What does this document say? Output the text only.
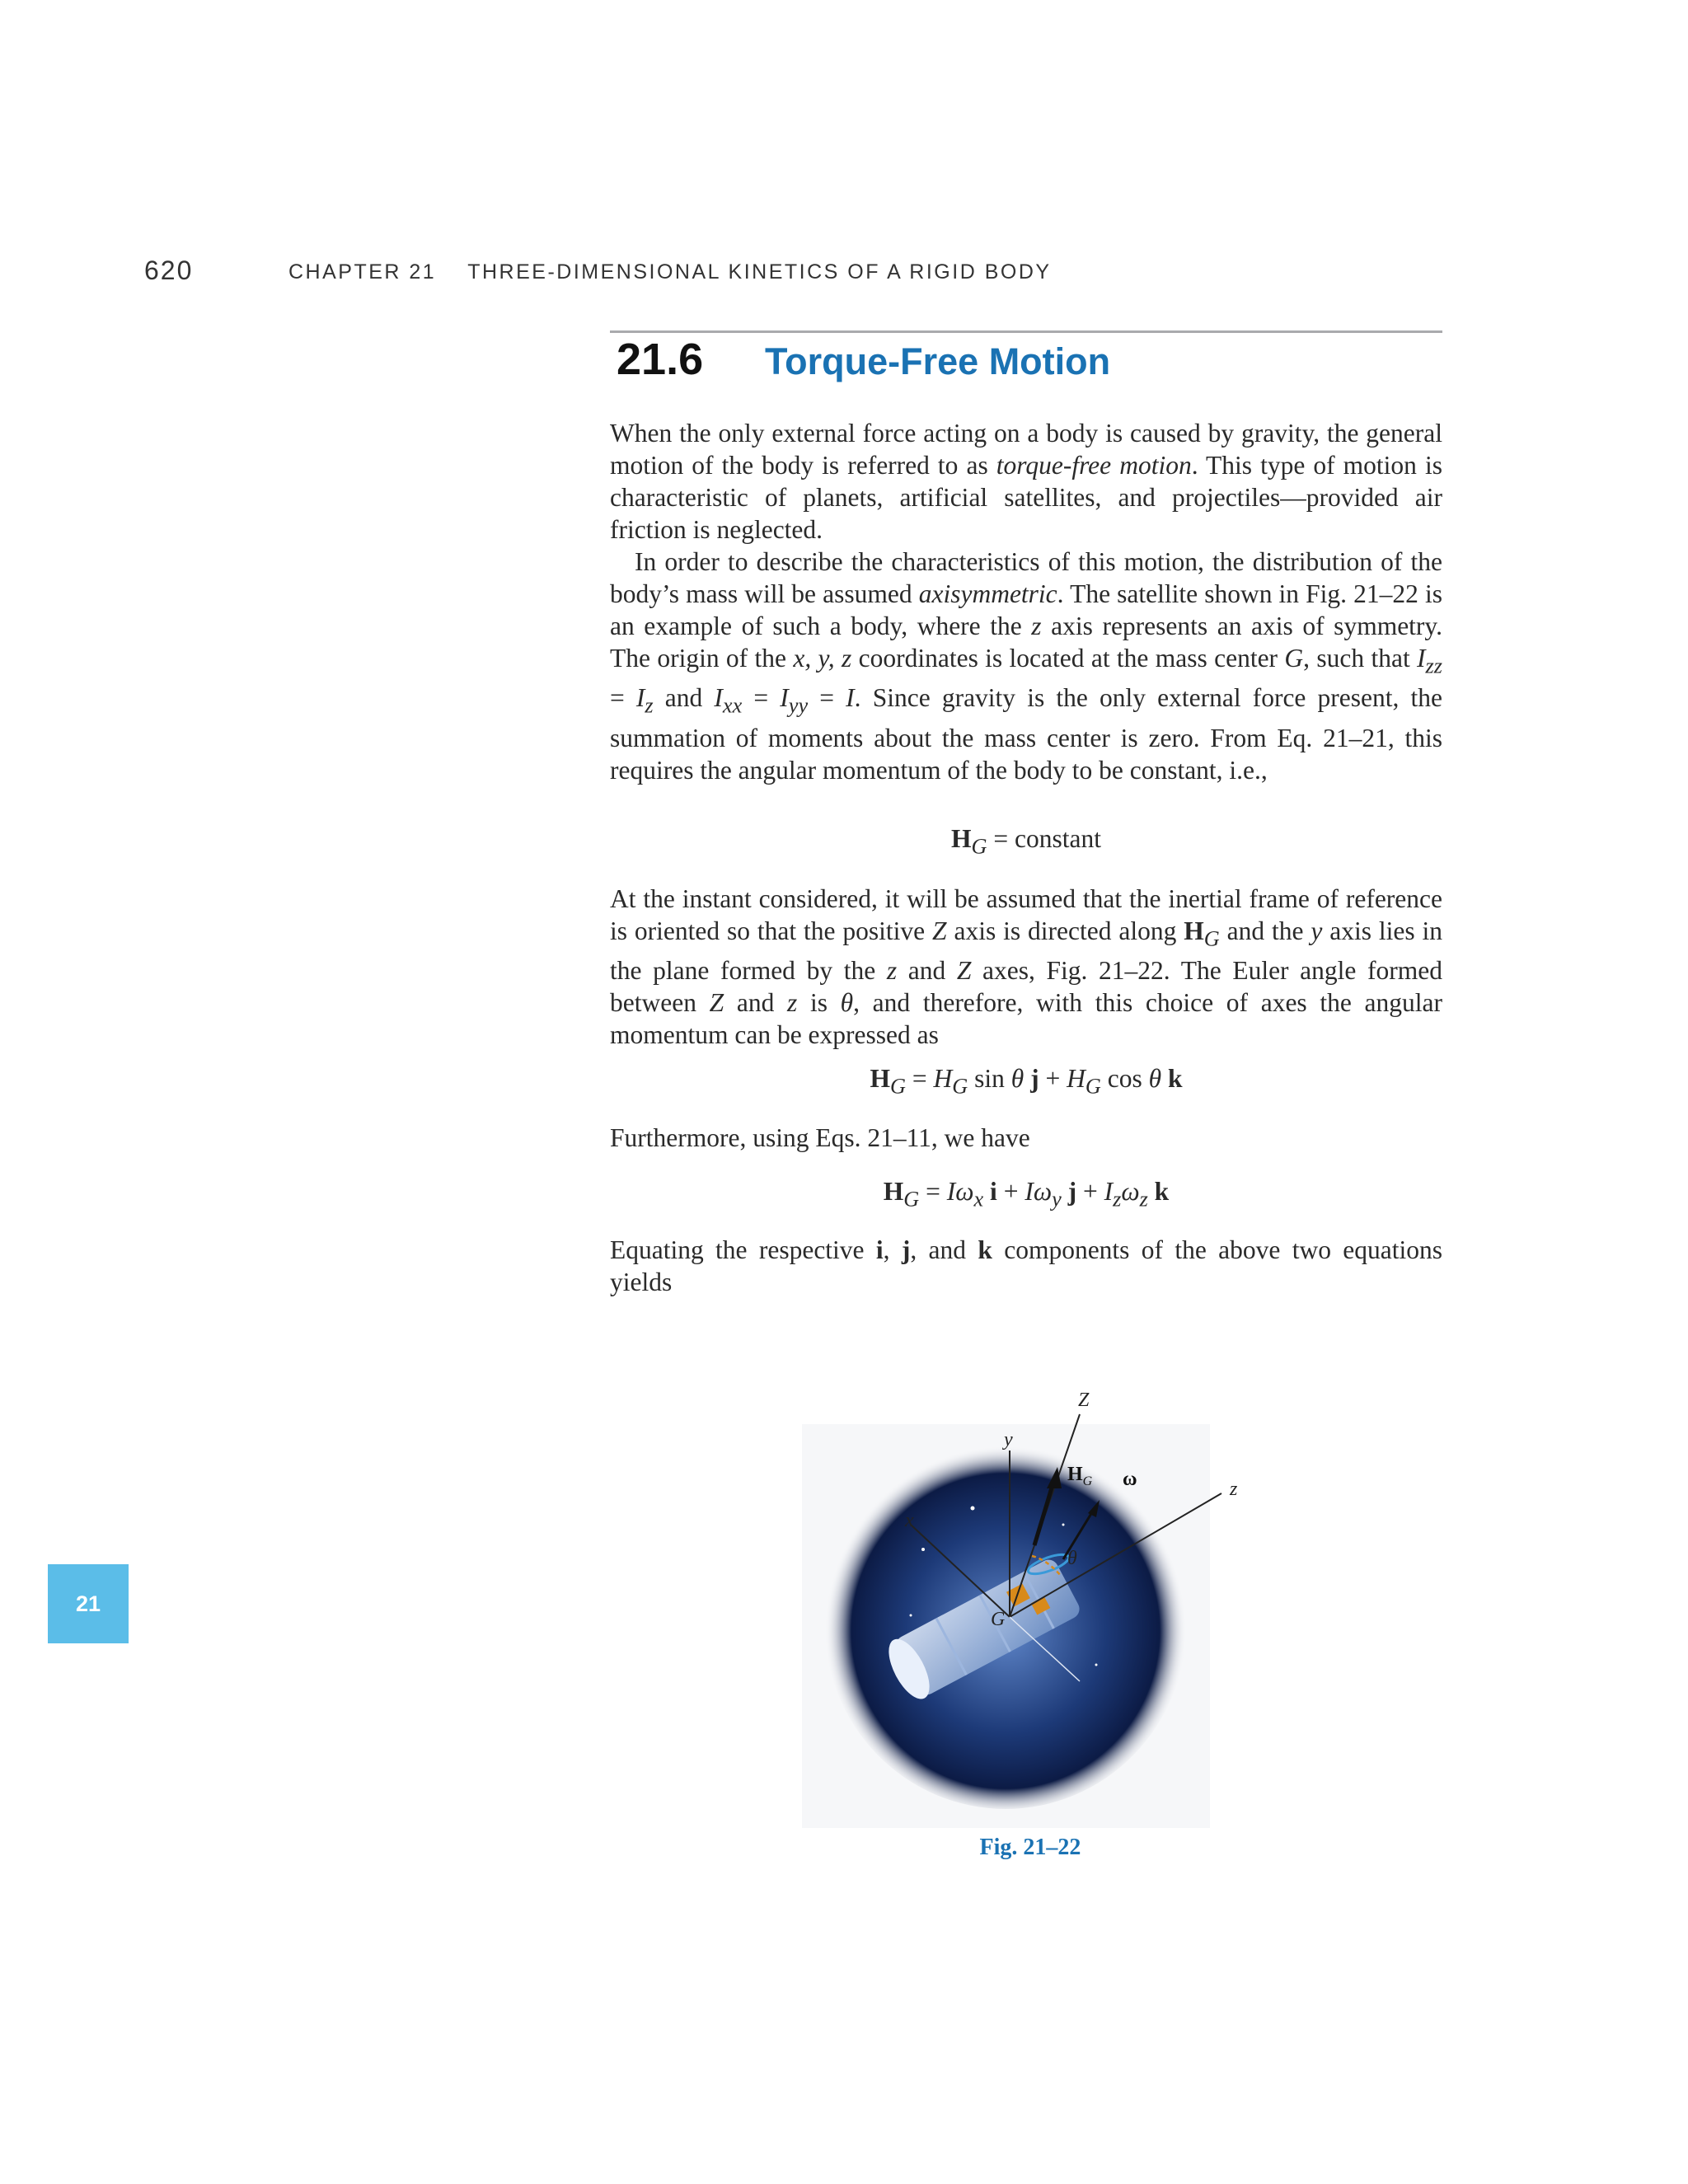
620	CHAPTER 21 THREE-DIMENSIONAL KINETICS OF A RIGID BODY
21.6 Torque-Free Motion

When the only external force acting on a body is caused by gravity, the general motion of the body is referred to as torque-free motion. This type of motion is characteristic of planets, artificial satellites, and projectiles—provided air friction is neglected.

In order to describe the characteristics of this motion, the distribution of the body’s mass will be assumed axisymmetric. The satellite shown in Fig. 21–22 is an example of such a body, where the z axis represents an axis of symmetry. The origin of the x, y, z coordinates is located at the mass center G, such that $I_{zz} = I_z$ and $I_{xx} = I_{yy} = I$. Since gravity is the only external force present, the summation of moments about the mass center is zero. From Eq. 21–21, this requires the angular momentum of the body to be constant, i.e.,

$H_G$ = constant

At the instant considered, it will be assumed that the inertial frame of reference is oriented so that the positive Z axis is directed along $H_G$ and the y axis lies in the plane formed by the z and Z axes, Fig. 21–22. The Euler angle formed between Z and z is θ, and therefore, with this choice of axes the angular momentum can be expressed as

$H_G = H_G$ sin θ $j + H_G$ cos θ k

Furthermore, using Eqs. 21–11, we have

$H_G = I\omega_x$ $i + I\omega_y$ $j + I_z\omega_z$ k

Equating the respective i, j, and k components of the above two equations yields

21
Z
y
$H_G$ ω	z
x
θ
G
Fig. 21–22
